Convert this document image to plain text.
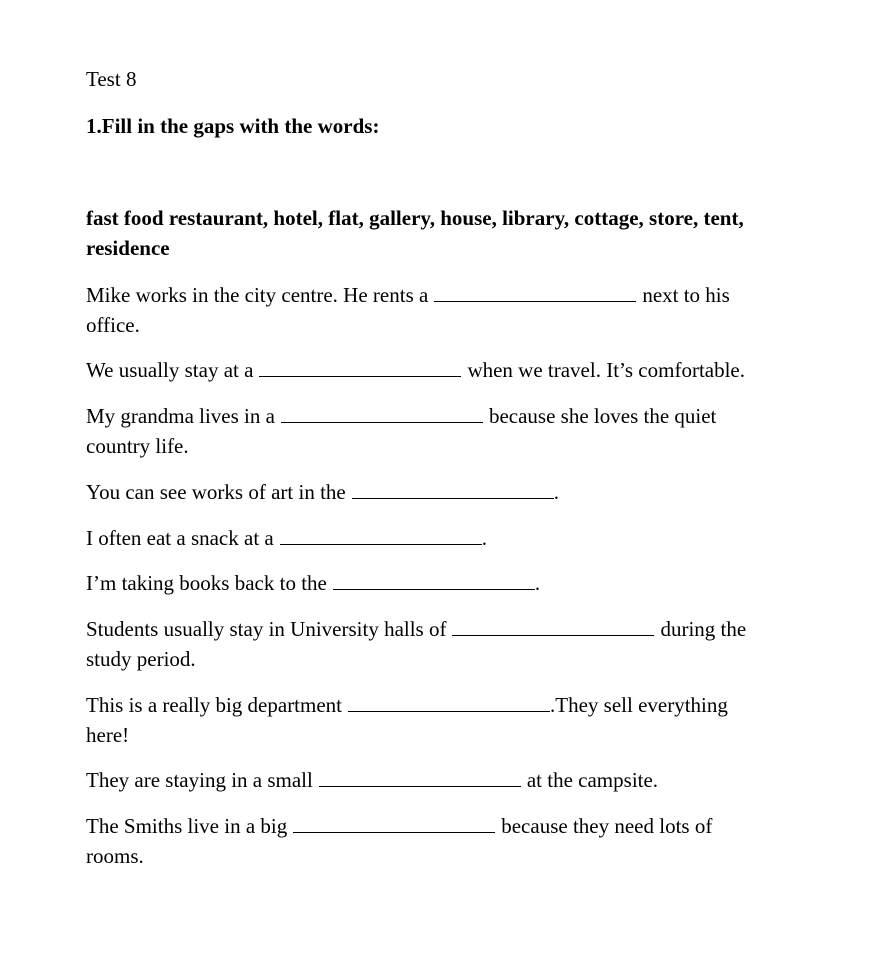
Test 8
1.Fill in the gaps with the words:

fast food restaurant, hotel, flat, gallery, house, library, cottage, store, tent, residence

Mike works in the city centre. He rents a	next to his office.
We usually stay at a	when we travel. It’s comfortable.
My grandma lives in a	because she loves the quiet country life.
You can see works of art in the	.
I often eat a snack at a	.
I’m taking books back to the	.
Students usually stay in University halls of	during the study period.
This is a really big department	.They sell everything here!
They are staying in a small	at the campsite.
The Smiths live in a big	because they need lots of rooms.
